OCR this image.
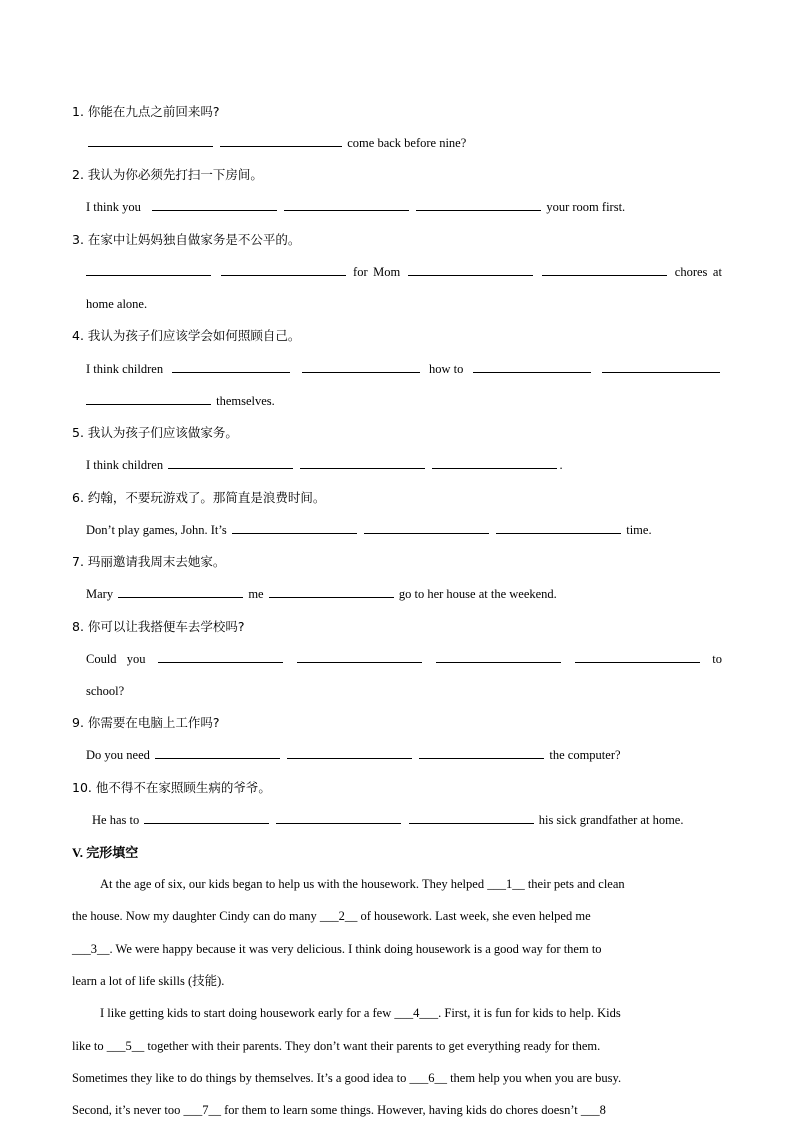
1. 你能在九点之前回来吗?
come back before nine?
2. 我认为你必须先打扫一下房间。
I think you	your room first.
3. 在家中让妈妈独自做家务是不公平的。
for Mom	chores at
home alone.
4. 我认为孩子们应该学会如何照顾自己。
I think children	how to
themselves.
5. 我认为孩子们应该做家务。
I think children	.
6. 约翰，不要玩游戏了。那简直是浪费时间。
Don’t play games, John. It’s	time.
7. 玛丽邀请我周末去她家。
Mary	me	go to her house at the weekend.
8. 你可以让我搭便车去学校吗?
Could you	to
school?
9. 你需要在电脑上工作吗?
Do you need	the computer?
10. 他不得不在家照顾生病的爷爷。
He has to	his sick grandfather at home.
V. 完形填空
At the age of six, our kids began to help us with the housework. They helped ___1__ their pets and clean
the house. Now my daughter Cindy can do many ___2__ of housework. Last week, she even helped me
___3__. We were happy because it was very delicious. I think doing housework is a good way for them to
learn a lot of life skills (技能).
I like getting kids to start doing housework early for a few ___4___. First, it is fun for kids to help. Kids
like to ___5__ together with their parents. They don’t want their parents to get everything ready for them.
Sometimes they like to do things by themselves. It’s a good idea to ___6__ them help you when you are busy.
Second, it’s never too ___7__ for them to learn some things. However, having kids do chores doesn’t ___8
